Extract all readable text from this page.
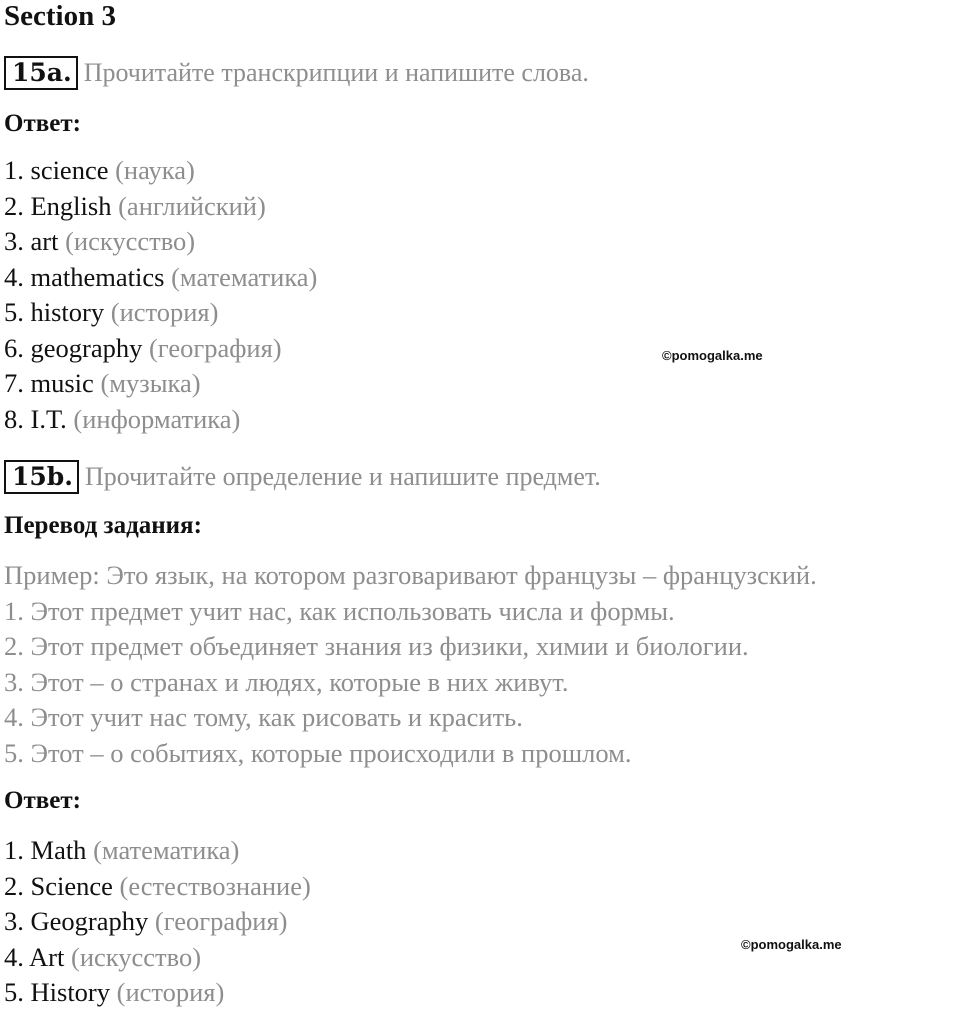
Section 3
15a. Прочитайте транскрипции и напишите слова.
Ответ:
1. science (наука)
2. English (английский)
3. art (искусство)
4. mathematics (математика)
5. history (история)
6. geography (география)
7. music (музыка)
8. I.T. (информатика)
©pomogalka.me
15b. Прочитайте определение и напишите предмет.
Перевод задания:
Пример: Это язык, на котором разговаривают французы – французский.
1. Этот предмет учит нас, как использовать числа и формы.
2. Этот предмет объединяет знания из физики, химии и биологии.
3. Этот – о странах и людях, которые в них живут.
4. Этот учит нас тому, как рисовать и красить.
5. Этот – о событиях, которые происходили в прошлом.
Ответ:
1. Math (математика)
2. Science (естествознание)
3. Geography (география)
4. Art (искусство)
5. History (история)
©pomogalka.me
